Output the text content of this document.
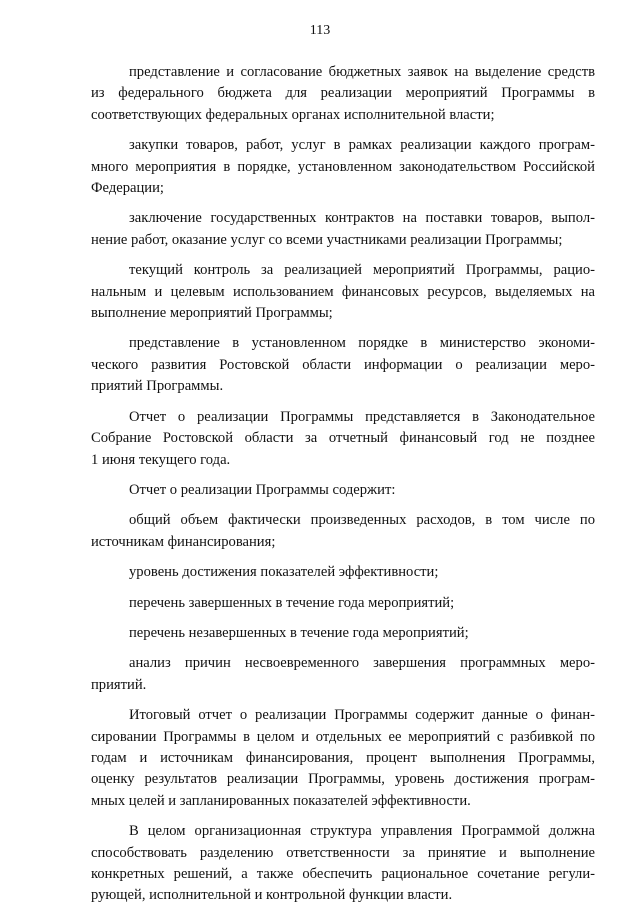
113
представление и согласование бюджетных заявок на выделение средств
из федерального бюджета для реализации мероприятий Программы в
соответствующих федеральных органах исполнительной власти;
закупки товаров, работ, услуг в рамках реализации каждого програм-
много мероприятия в порядке, установленном законодательством Российской
Федерации;
заключение государственных контрактов на поставки товаров, выпол-
нение работ, оказание услуг со всеми участниками реализации Программы;
текущий контроль за реализацией мероприятий Программы, рацио-
нальным и целевым использованием финансовых ресурсов, выделяемых на
выполнение мероприятий Программы;
представление в установленном порядке в министерство экономи-
ческого развития Ростовской области информации о реализации меро-
приятий Программы.
Отчет о реализации Программы представляется в Законодательное
Собрание Ростовской области за отчетный финансовый год не позднее
1 июня текущего года.
Отчет о реализации Программы содержит:
общий объем фактически произведенных расходов, в том числе по
источникам финансирования;
уровень достижения показателей эффективности;
перечень завершенных в течение года мероприятий;
перечень незавершенных в течение года мероприятий;
анализ причин несвоевременного завершения программных меро-
приятий.
Итоговый отчет о реализации Программы содержит данные о финан-
сировании Программы в целом и отдельных ее мероприятий с разбивкой по
годам и источникам финансирования, процент выполнения Программы,
оценку результатов реализации Программы, уровень достижения програм-
мных целей и запланированных показателей эффективности.
В целом организационная структура управления Программой должна
способствовать разделению ответственности за принятие и выполнение
конкретных решений, а также обеспечить рациональное сочетание регули-
рующей, исполнительной и контрольной функции власти.
